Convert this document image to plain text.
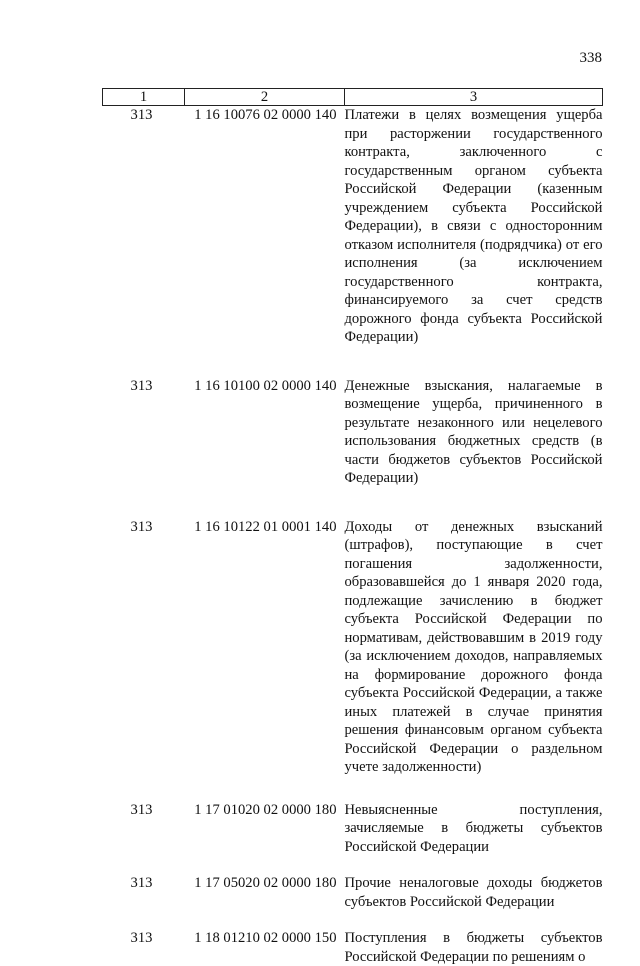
338
1	2	3
313	1 16 10076 02 0000 140	Платежи в целях возмещения ущерба при расторжении государственного контракта, заключенного с государственным органом субъекта Российской Федерации (казенным учреждением субъекта Российской Федерации), в связи с односторонним отказом исполнителя (подрядчика) от его исполнения (за исключением государственного контракта, финансируемого за счет средств дорожного фонда субъекта Российской Федерации)
313	1 16 10100 02 0000 140	Денежные взыскания, налагаемые в возмещение ущерба, причиненного в результате незаконного или нецелевого использования бюджетных средств (в части бюджетов субъектов Российской Федерации)
313	1 16 10122 01 0001 140	Доходы от денежных взысканий (штрафов), поступающие в счет погашения задолженности, образовавшейся до 1 января 2020 года, подлежащие зачислению в бюджет субъекта Российской Федерации по нормативам, действовавшим в 2019 году (за исключением доходов, направляемых на формирование дорожного фонда субъекта Российской Федерации, а также иных платежей в случае принятия решения финансовым органом субъекта Российской Федерации о раздельном учете задолженности)
313	1 17 01020 02 0000 180	Невыясненные поступления, зачисляемые в бюджеты субъектов Российской Федерации
313	1 17 05020 02 0000 180	Прочие неналоговые доходы бюджетов субъектов Российской Федерации
313	1 18 01210 02 0000 150	Поступления в бюджеты субъектов Российской Федерации по решениям о
